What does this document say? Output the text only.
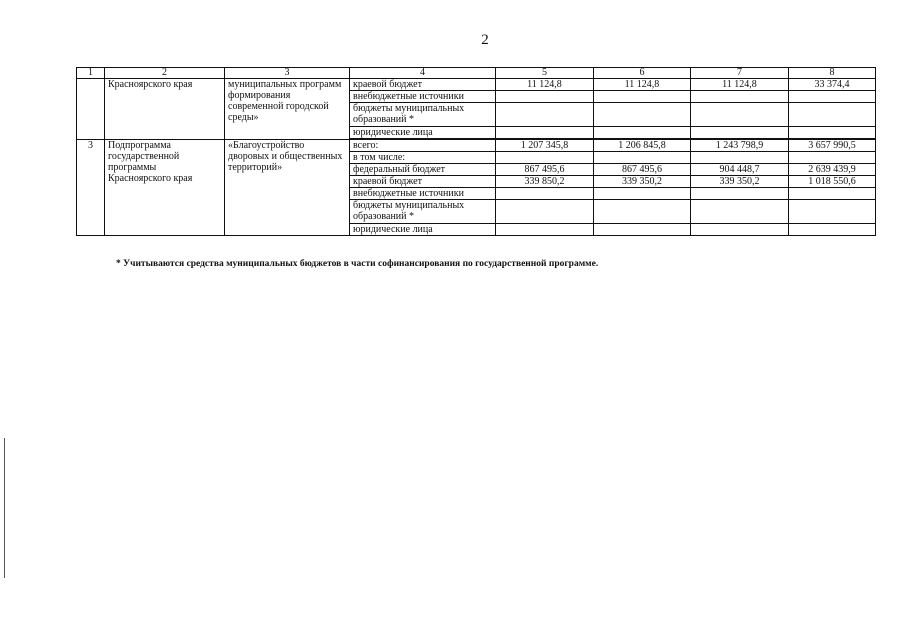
2
1	2	3	4	5	6	7	8
	Красноярского края	муниципальных программ формирования современной городской среды»	краевой бюджет	11 124,8	11 124,8	11 124,8	33 374,4
			внебюджетные источники				
			бюджеты муниципальных образований *				
			юридические лица				

3	Подпрограмма государственной программы Красноярского края	«Благоустройство дворовых и общественных территорий»	всего:	1 207 345,8	1 206 845,8	1 243 798,9	3 657 990,5
			в том числе:				
			федеральный бюджет	867 495,6	867 495,6	904 448,7	2 639 439,9
			краевой бюджет	339 850,2	339 350,2	339 350,2	1 018 550,6
			внебюджетные источники				
			бюджеты муниципальных образований *				
			юридические лица				
* Учитываются средства муниципальных бюджетов в части софинансирования по государственной программе.
